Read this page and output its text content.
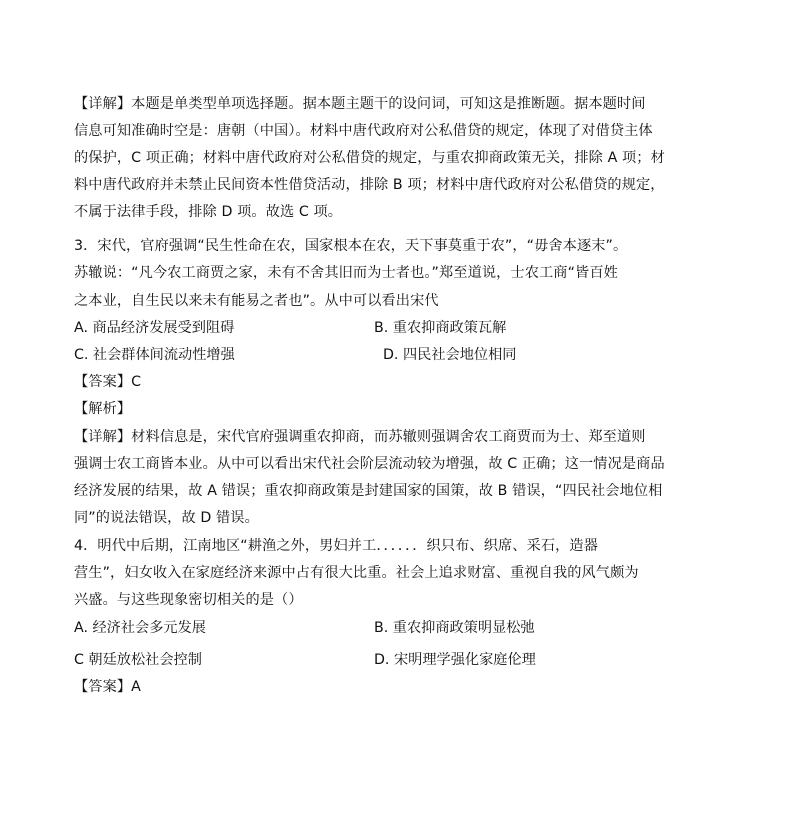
【详解】本题是单类型单项选择题。据本题主题干的设问词，可知这是推断题。据本题时间
信息可知准确时空是：唐朝（中国）。材料中唐代政府对公私借贷的规定，体现了对借贷主体
的保护，C 项正确；材料中唐代政府对公私借贷的规定，与重农抑商政策无关，排除 A 项；材
料中唐代政府并未禁止民间资本性借贷活动，排除 B 项；材料中唐代政府对公私借贷的规定，
不属于法律手段，排除 D 项。故选 C 项。
3．宋代，官府强调“民生性命在农，国家根本在农，天下事莫重于农”，“毋舍本逐末”。
苏辙说：“凡今农工商贾之家，未有不舍其旧而为士者也。”郑至道说，士农工商“皆百姓
之本业，自生民以来未有能易之者也”。从中可以看出宋代
A. 商品经济发展受到阻碍	B. 重农抑商政策瓦解
C. 社会群体间流动性增强	D. 四民社会地位相同
【答案】C
【解析】
【详解】材料信息是，宋代官府强调重农抑商，而苏辙则强调舍农工商贾而为士、郑至道则
强调士农工商皆本业。从中可以看出宋代社会阶层流动较为增强，故 C 正确；这一情况是商品
经济发展的结果，故 A 错误；重农抑商政策是封建国家的国策，故 B 错误，“四民社会地位相
同”的说法错误，故 D 错误。
4．明代中后期，江南地区“耕渔之外，男妇并工．．．．．．织只布、织席、采石，造器
营生”，妇女收入在家庭经济来源中占有很大比重。社会上追求财富、重视自我的风气颇为
兴盛。与这些现象密切相关的是（）
A. 经济社会多元发展	B. 重农抑商政策明显松弛
C 朝廷放松社会控制	D. 宋明理学强化家庭伦理
【答案】A
